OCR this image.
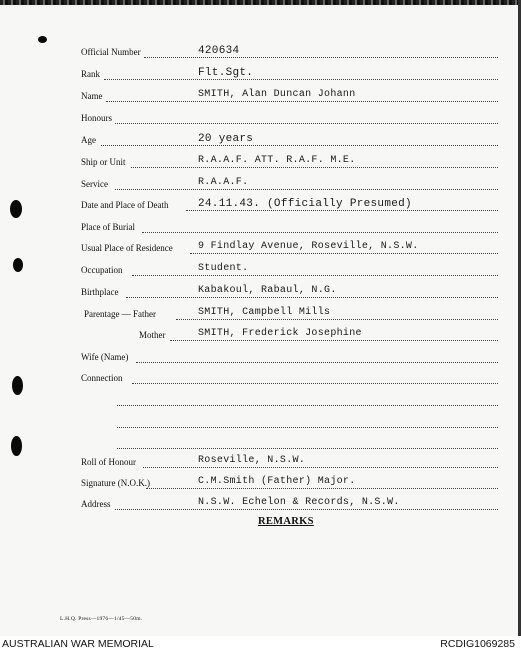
Official Number	420634
Rank	Flt.Sgt.
Name	SMITH, Alan Duncan Johann
Honours
Age	20 years
Ship or Unit	R.A.A.F. ATT. R.A.F. M.E.
Service	R.A.A.F.
Date and Place of Death	24.11.43. (Officially Presumed)
Place of Burial
Usual Place of Residence	9 Findlay Avenue, Roseville, N.S.W.
Occupation	Student.
Birthplace	Kabakoul, Rabaul, N.G.
Parentage — Father	SMITH, Campbell Mills
Mother	SMITH, Frederick Josephine
Wife (Name)
Connection
Roll of Honour	Roseville, N.S.W.
Signature (N.O.K.)	C.M.Smith (Father) Major.
Address	N.S.W. Echelon & Records, N.S.W.
REMARKS
L.H.Q. Press—1976—1/45—50m.
AUSTRALIAN WAR MEMORIAL	RCDIG1069285
